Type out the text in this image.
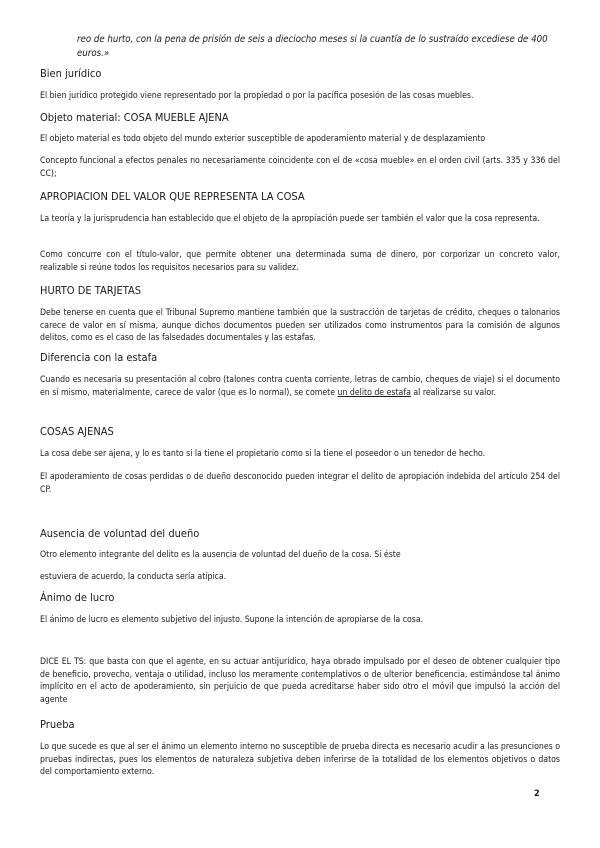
reo de hurto, con la pena de prisión de seis a dieciocho meses si la cuantía de lo sustraído excediese de 400 euros.»

Bien jurídico

El bien jurídico protegido viene representado por la propiedad o por la pacífica posesión de las cosas muebles.

Objeto material: COSA MUEBLE AJENA

El objeto material es todo objeto del mundo exterior susceptible de apoderamiento material y de desplazamiento

Concepto funcional a efectos penales no necesariamente coincidente con el de «cosa mueble» en el orden civil (arts. 335 y 336 del CC);

APROPIACION DEL VALOR QUE REPRESENTA LA COSA

La teoría y la jurisprudencia han establecido que el objeto de la apropiación puede ser también el valor que la cosa representa.

Como concurre con el título-valor, que permite obtener una determinada suma de dinero, por corporizar un concreto valor, realizable si reúne todos los requisitos necesarios para su validez.

HURTO DE TARJETAS

Debe tenerse en cuenta que el Tribunal Supremo mantiene también que la sustracción de tarjetas de crédito, cheques o talonarios carece de valor en sí misma, aunque dichos documentos pueden ser utilizados como instrumentos para la comisión de algunos delitos, como es el caso de las falsedades documentales y las estafas.

Diferencia con la estafa

Cuando es necesaria su presentación al cobro (talones contra cuenta corriente, letras de cambio, cheques de viaje) si el documento en sí mismo, materialmente, carece de valor (que es lo normal), se comete un delito de estafa al realizarse su valor.

COSAS AJENAS

La cosa debe ser ajena, y lo es tanto si la tiene el propietario como si la tiene el poseedor o un tenedor de hecho.

El apoderamiento de cosas perdidas o de dueño desconocido pueden integrar el delito de apropiación indebida del artículo 254 del CP.

Ausencia de voluntad del dueño

Otro elemento integrante del delito es la ausencia de voluntad del dueño de la cosa. Si éste

estuviera de acuerdo, la conducta sería atípica.

Ánimo de lucro

El ánimo de lucro es elemento subjetivo del injusto. Supone la intención de apropiarse de la cosa.

DICE EL TS: que basta con que el agente, en su actuar antijurídico, haya obrado impulsado por el deseo de obtener cualquier tipo de beneficio, provecho, ventaja o utilidad, incluso los meramente contemplativos o de ulterior beneficencia, estimándose tal ánimo implícito en el acto de apoderamiento, sin perjuicio de que pueda acreditarse haber sido otro el móvil que impulsó la acción del agente

Prueba

Lo que sucede es que al ser el ánimo un elemento interno no susceptible de prueba directa es necesario acudir a las presunciones o pruebas indirectas, pues los elementos de naturaleza subjetiva deben inferirse de la totalidad de los elementos objetivos o datos del comportamiento externo.

2
